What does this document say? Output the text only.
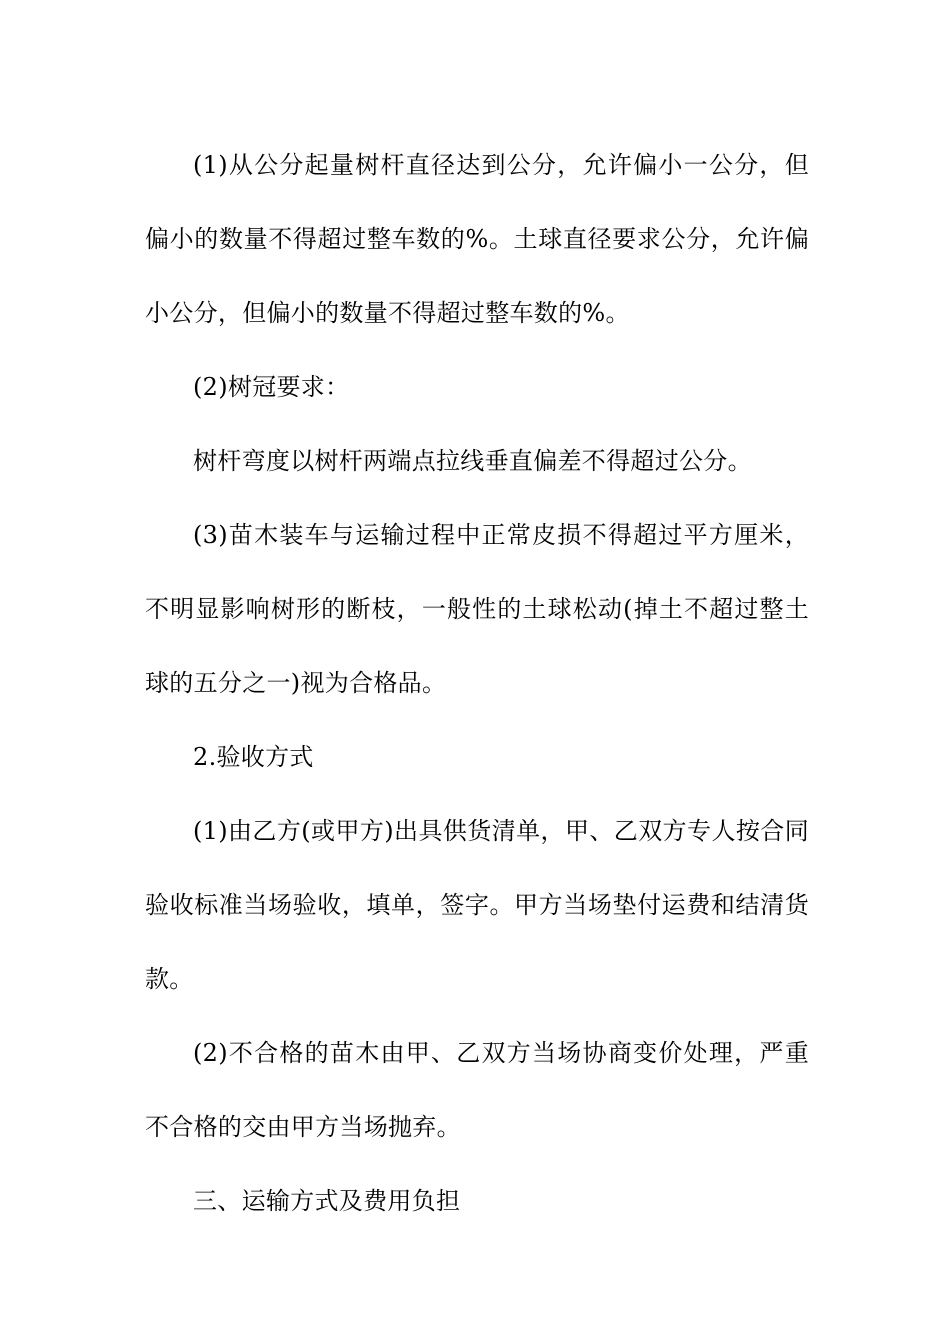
(1)从公分起量树杆直径达到公分，允许偏小一公分，但偏小的数量不得超过整车数的%。土球直径要求公分，允许偏小公分，但偏小的数量不得超过整车数的%。

(2)树冠要求：

树杆弯度以树杆两端点拉线垂直偏差不得超过公分。

(3)苗木装车与运输过程中正常皮损不得超过平方厘米，不明显影响树形的断枝，一般性的土球松动(掉土不超过整土球的五分之一)视为合格品。

2.验收方式

(1)由乙方(或甲方)出具供货清单，甲、乙双方专人按合同验收标准当场验收，填单，签字。甲方当场垫付运费和结清货款。

(2)不合格的苗木由甲、乙双方当场协商变价处理，严重不合格的交由甲方当场抛弃。

三、运输方式及费用负担
